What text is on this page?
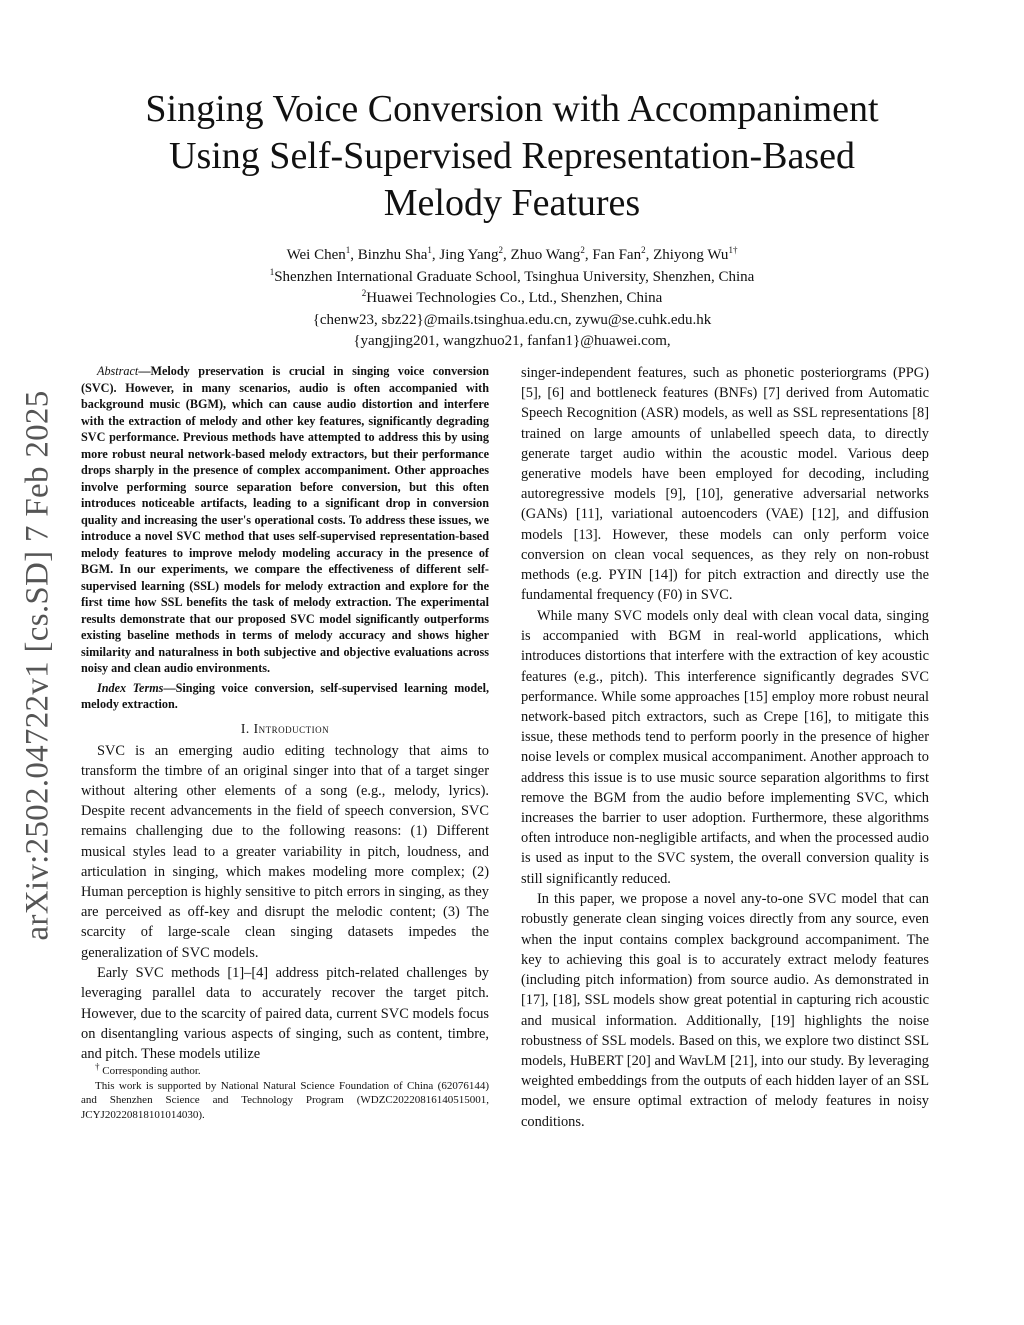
arXiv:2502.04722v1 [cs.SD] 7 Feb 2025
Singing Voice Conversion with Accompaniment
Using Self-Supervised Representation-Based
Melody Features
Wei Chen$^1$, Binzhu Sha$^1$, Jing Yang$^2$, Zhuo Wang$^2$, Fan Fan$^2$, Zhiyong $Wu^{1\dagger}$
$^1$Shenzhen International Graduate School, Tsinghua University, Shenzhen, China
$^2$Huawei Technologies Co., Ltd., Shenzhen, China
{chenw23, sbz22}@mails.tsinghua.edu.cn, zywu@se.cuhk.edu.hk
{yangjing201, wangzhuo21, fanfan1}@huawei.com,

Abstract—Melody preservation is crucial in singing voice conversion (SVC). However, in many scenarios, audio is often accompanied with background music (BGM), which can cause audio distortion and interfere with the extraction of melody and other key features, significantly degrading SVC performance. Previous methods have attempted to address this by using more robust neural network-based melody extractors, but their performance drops sharply in the presence of complex accompaniment. Other approaches involve performing source separation before conversion, but this often introduces noticeable artifacts, leading to a significant drop in conversion quality and increasing the user's operational costs. To address these issues, we introduce a novel SVC method that uses self-supervised representation-based melody features to improve melody modeling accuracy in the presence of BGM. In our experiments, we compare the effectiveness of different self-supervised learning (SSL) models for melody extraction and explore for the first time how SSL benefits the task of melody extraction. The experimental results demonstrate that our proposed SVC model significantly outperforms existing baseline methods in terms of melody accuracy and shows higher similarity and naturalness in both subjective and objective evaluations across noisy and clean audio environments.

Index Terms—Singing voice conversion, self-supervised learning model, melody extraction.

I. Introduction

SVC is an emerging audio editing technology that aims to transform the timbre of an original singer into that of a target singer without altering other elements of a song (e.g., melody, lyrics). Despite recent advancements in the field of speech conversion, SVC remains challenging due to the following reasons: (1) Different musical styles lead to a greater variability in pitch, loudness, and articulation in singing, which makes modeling more complex; (2) Human perception is highly sensitive to pitch errors in singing, as they are perceived as off-key and disrupt the melodic content; (3) The scarcity of large-scale clean singing datasets impedes the generalization of SVC models.

Early SVC methods [1]–[4] address pitch-related challenges by leveraging parallel data to accurately recover the target pitch. However, due to the scarcity of paired data, current SVC models focus on disentangling various aspects of singing, such as content, timbre, and pitch. These models utilize

† Corresponding author.

This work is supported by National Natural Science Foundation of China (62076144) and Shenzhen Science and Technology Program (WDZC20220816140515001, JCYJ20220818101014030).

singer-independent features, such as phonetic posteriorgrams (PPG) [5], [6] and bottleneck features (BNFs) [7] derived from Automatic Speech Recognition (ASR) models, as well as SSL representations [8] trained on large amounts of unlabelled speech data, to directly generate target audio within the acoustic model. Various deep generative models have been employed for decoding, including autoregressive models [9], [10], generative adversarial networks (GANs) [11], variational autoencoders (VAE) [12], and diffusion models [13]. However, these models can only perform voice conversion on clean vocal sequences, as they rely on non-robust methods (e.g. PYIN [14]) for pitch extraction and directly use the fundamental frequency (F0) in SVC.

While many SVC models only deal with clean vocal data, singing is accompanied with BGM in real-world applications, which introduces distortions that interfere with the extraction of key acoustic features (e.g., pitch). This interference significantly degrades SVC performance. While some approaches [15] employ more robust neural network-based pitch extractors, such as Crepe [16], to mitigate this issue, these methods tend to perform poorly in the presence of higher noise levels or complex musical accompaniment. Another approach to address this issue is to use music source separation algorithms to first remove the BGM from the audio before implementing SVC, which increases the barrier to user adoption. Furthermore, these algorithms often introduce non-negligible artifacts, and when the processed audio is used as input to the SVC system, the overall conversion quality is still significantly reduced.

In this paper, we propose a novel any-to-one SVC model that can robustly generate clean singing voices directly from any source, even when the input contains complex background accompaniment. The key to achieving this goal is to accurately extract melody features (including pitch information) from source audio. As demonstrated in [17], [18], SSL models show great potential in capturing rich acoustic and musical information. Additionally, [19] highlights the noise robustness of SSL models. Based on this, we explore two distinct SSL models, HuBERT [20] and WavLM [21], into our study. By leveraging weighted embeddings from the outputs of each hidden layer of an SSL model, we ensure optimal extraction of melody features in noisy conditions.
